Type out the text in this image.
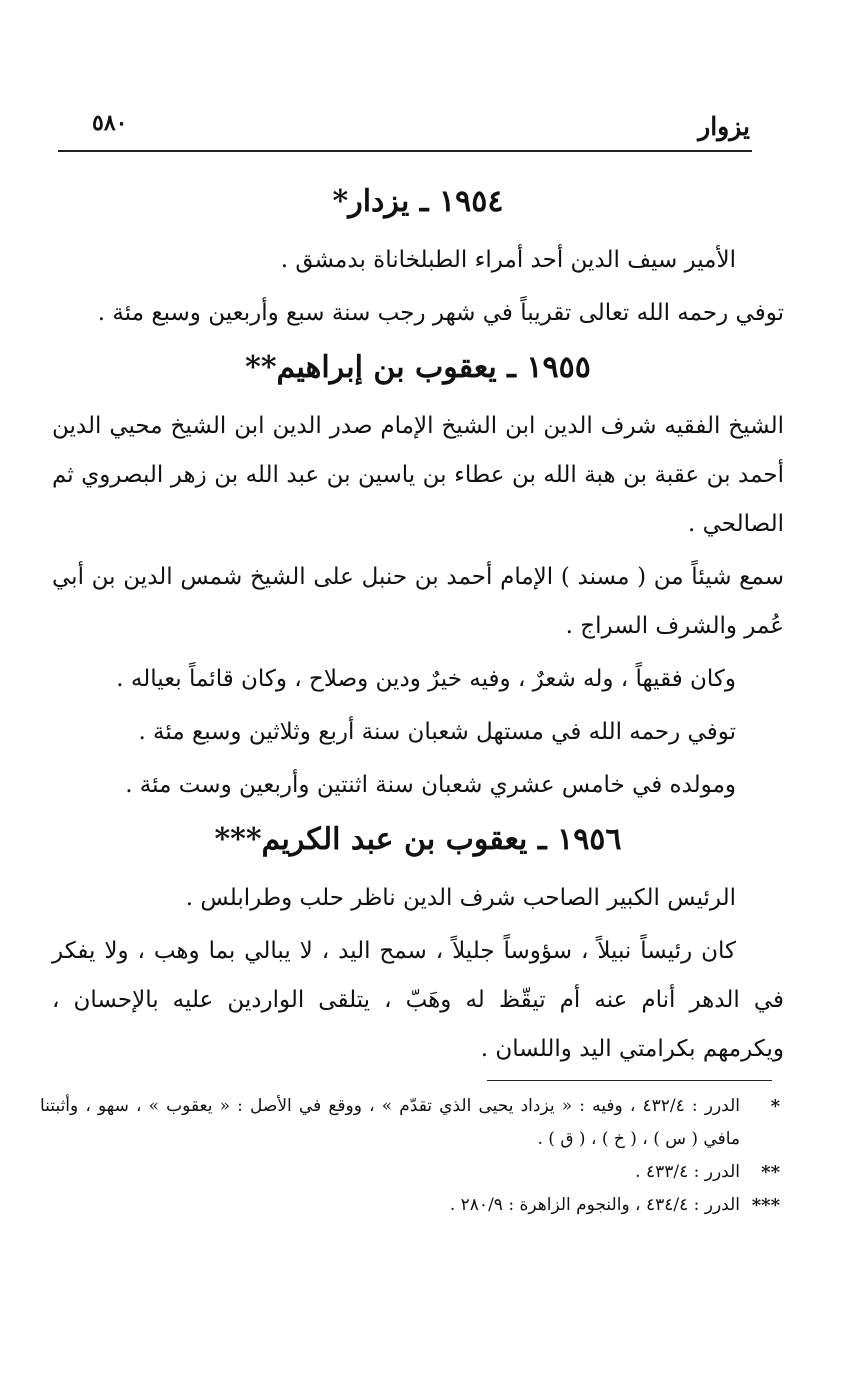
يزوار
٥٨٠
١٩٥٤ ـ يزدار*

الأمير سيف الدين أحد أمراء الطبلخاناة بدمشق .

توفي رحمه الله تعالى تقريباً في شهر رجب سنة سبع وأربعين وسبع مئة .

١٩٥٥ ـ يعقوب بن إبراهيم**

الشيخ الفقيه شرف الدين ابن الشيخ الإمام صدر الدين ابن الشيخ محيي الدين أحمد بن عقبة بن هبة الله بن عطاء بن ياسين بن عبد الله بن زهر البصروي ثم الصالحي .

سمع شيئاً من ( مسند ) الإمام أحمد بن حنبل على الشيخ شمس الدين بن أبي عُمر والشرف السراج .

وكان فقيهاً ، وله شعرٌ ، وفيه خيرٌ ودين وصلاح ، وكان قائماً بعياله .

توفي رحمه الله في مستهل شعبان سنة أربع وثلاثين وسبع مئة .

ومولده في خامس عشري شعبان سنة اثنتين وأربعين وست مئة .

١٩٥٦ ـ يعقوب بن عبد الكريم***

الرئيس الكبير الصاحب شرف الدين ناظر حلب وطرابلس .

كان رئيساً نبيلاً ، سؤوساً جليلاً ، سمح اليد ، لا يبالي بما وهب ، ولا يفكر في الدهر أنام عنه أم تيقّظ له وهَبّ ، يتلقى الواردين عليه بالإحسان ، ويكرمهم بكرامتي اليد واللسان .

*
الدرر : ٤٣٢/٤ ، وفيه : « يزداد يحيى الذي تقدّم » ، ووقع في الأصل : « يعقوب » ، سهو ، وأثبتنا مافي ( س ) ، ( خ ) ، ( ق ) .
**
الدرر : ٤٣٣/٤ .
***
الدرر : ٤٣٤/٤ ، والنجوم الزاهرة : ٢٨٠/٩ .
